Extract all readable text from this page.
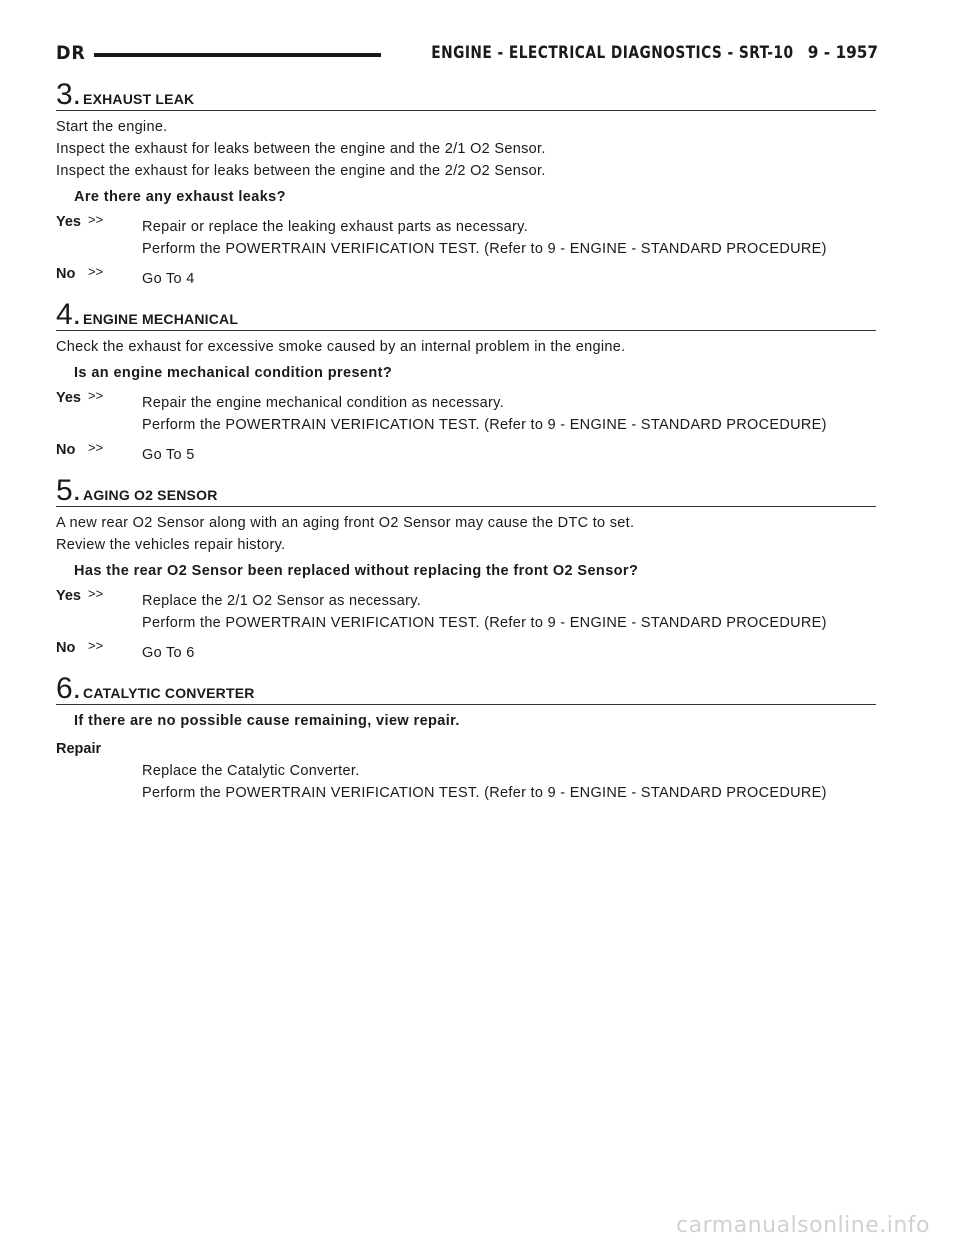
DR	ENGINE - ELECTRICAL DIAGNOSTICS - SRT-10 9 - 1957
3. EXHAUST LEAK

Start the engine.

Inspect the exhaust for leaks between the engine and the 2/1 O2 Sensor.

Inspect the exhaust for leaks between the engine and the 2/2 O2 Sensor.

Are there any exhaust leaks?

Yes >>	Repair or replace the leaking exhaust parts as necessary.

Perform the POWERTRAIN VERIFICATION TEST. (Refer to 9 - ENGINE - STANDARD PROCEDURE)

No >>	Go To 4

4. ENGINE MECHANICAL

Check the exhaust for excessive smoke caused by an internal problem in the engine.

Is an engine mechanical condition present?

Yes >>	Repair the engine mechanical condition as necessary.

Perform the POWERTRAIN VERIFICATION TEST. (Refer to 9 - ENGINE - STANDARD PROCEDURE)

No >>	Go To 5

5. AGING O2 SENSOR

A new rear O2 Sensor along with an aging front O2 Sensor may cause the DTC to set.

Review the vehicles repair history.

Has the rear O2 Sensor been replaced without replacing the front O2 Sensor?

Yes >>	Replace the 2/1 O2 Sensor as necessary.

Perform the POWERTRAIN VERIFICATION TEST. (Refer to 9 - ENGINE - STANDARD PROCEDURE)

No >>	Go To 6

6. CATALYTIC CONVERTER

If there are no possible cause remaining, view repair.

Repair

Replace the Catalytic Converter.

Perform the POWERTRAIN VERIFICATION TEST. (Refer to 9 - ENGINE - STANDARD PROCEDURE)

carmanualsonline.info
